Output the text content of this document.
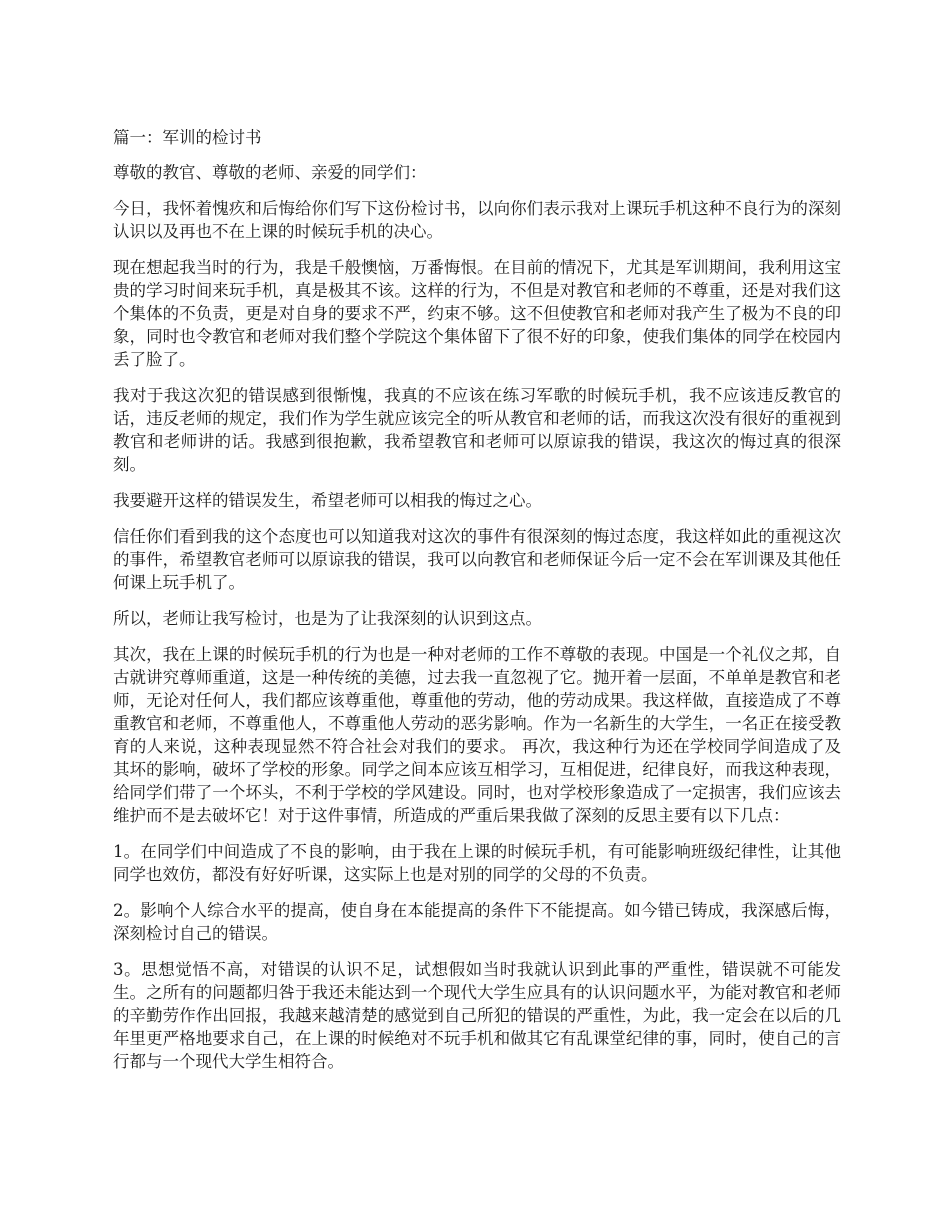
篇一：军训的检讨书

尊敬的教官、尊敬的老师、亲爱的同学们：

今日，我怀着愧疚和后悔给你们写下这份检讨书，以向你们表示我对上课玩手机这种不良行为的深刻认识以及再也不在上课的时候玩手机的决心。

现在想起我当时的行为，我是千般懊恼，万番悔恨。在目前的情况下，尤其是军训期间，我利用这宝贵的学习时间来玩手机，真是极其不该。这样的行为，不但是对教官和老师的不尊重，还是对我们这个集体的不负责，更是对自身的要求不严，约束不够。这不但使教官和老师对我产生了极为不良的印象，同时也令教官和老师对我们整个学院这个集体留下了很不好的印象，使我们集体的同学在校园内丢了脸了。

我对于我这次犯的错误感到很惭愧，我真的不应该在练习军歌的时候玩手机，我不应该违反教官的话，违反老师的规定，我们作为学生就应该完全的听从教官和老师的话，而我这次没有很好的重视到教官和老师讲的话。我感到很抱歉，我希望教官和老师可以原谅我的错误，我这次的悔过真的很深刻。

我要避开这样的错误发生，希望老师可以相我的悔过之心。

信任你们看到我的这个态度也可以知道我对这次的事件有很深刻的悔过态度，我这样如此的重视这次的事件，希望教官老师可以原谅我的错误，我可以向教官和老师保证今后一定不会在军训课及其他任何课上玩手机了。

所以，老师让我写检讨，也是为了让我深刻的认识到这点。

其次，我在上课的时候玩手机的行为也是一种对老师的工作不尊敬的表现。中国是一个礼仪之邦，自古就讲究尊师重道，这是一种传统的美德，过去我一直忽视了它。抛开着一层面，不单单是教官和老师，无论对任何人，我们都应该尊重他，尊重他的劳动，他的劳动成果。我这样做，直接造成了不尊重教官和老师，不尊重他人，不尊重他人劳动的恶劣影响。作为一名新生的大学生，一名正在接受教育的人来说，这种表现显然不符合社会对我们的要求。 再次，我这种行为还在学校同学间造成了及其坏的影响，破坏了学校的形象。同学之间本应该互相学习，互相促进，纪律良好，而我这种表现，给同学们带了一个坏头，不利于学校的学风建设。同时，也对学校形象造成了一定损害，我们应该去维护而不是去破坏它！对于这件事情，所造成的严重后果我做了深刻的反思主要有以下几点：

1。在同学们中间造成了不良的影响，由于我在上课的时候玩手机，有可能影响班级纪律性，让其他同学也效仿，都没有好好听课，这实际上也是对别的同学的父母的不负责。

2。影响个人综合水平的提高，使自身在本能提高的条件下不能提高。如今错已铸成，我深感后悔，深刻检讨自己的错误。

3。思想觉悟不高，对错误的认识不足，试想假如当时我就认识到此事的严重性，错误就不可能发生。之所有的问题都归咎于我还未能达到一个现代大学生应具有的认识问题水平，为能对教官和老师的辛勤劳作作出回报，我越来越清楚的感觉到自己所犯的错误的严重性，为此，我一定会在以后的几年里更严格地要求自己，在上课的时候绝对不玩手机和做其它有乱课堂纪律的事，同时，使自己的言行都与一个现代大学生相符合。
